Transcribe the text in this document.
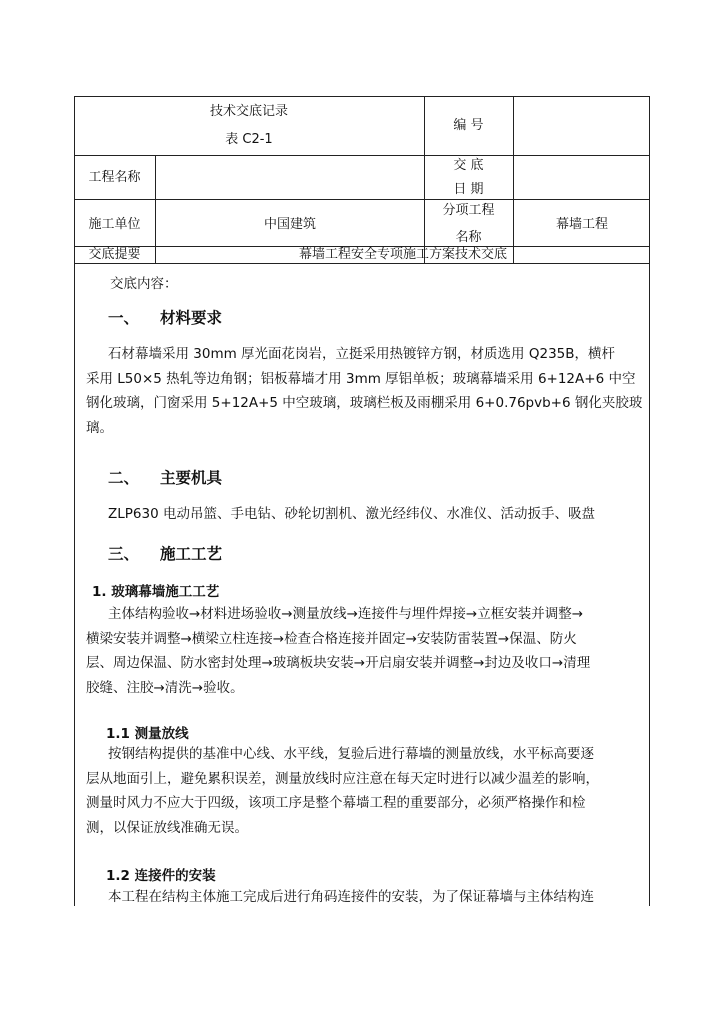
技术交底记录
表 C2-1
编 号
工程名称
交 底
日 期
施工单位	中国建筑
分项工程
名称
幕墙工程
交底提要	幕墙工程安全专项施工方案技术交底
交底内容：
一、 材料要求

石材幕墙采用 30mm 厚光面花岗岩，立挺采用热镀锌方钢，材质选用 Q235B，横杆

采用 L50×5 热轧等边角钢；铝板幕墙才用 3mm 厚铝单板；玻璃幕墙采用 6+12A+6 中空

钢化玻璃，门窗采用 5+12A+5 中空玻璃，玻璃栏板及雨棚采用 6+0.76pvb+6 钢化夹胶玻

璃。

二、 主要机具

ZLP630 电动吊篮、手电钻、砂轮切割机、激光经纬仪、水准仪、活动扳手、吸盘

三、 施工工艺
1. 玻璃幕墙施工工艺

主体结构验收→材料进场验收→测量放线→连接件与埋件焊接→立框安装并调整→

横梁安装并调整→横梁立柱连接→检查合格连接并固定→安装防雷装置→保温、防火

层、周边保温、防水密封处理→玻璃板块安装→开启扇安装并调整→封边及收口→清理

胶缝、注胶→清洗→验收。

1.1 测量放线

按钢结构提供的基准中心线、水平线，复验后进行幕墙的测量放线，水平标高要逐

层从地面引上，避免累积误差，测量放线时应注意在每天定时进行以减少温差的影响，

测量时风力不应大于四级，该项工序是整个幕墙工程的重要部分，必须严格操作和检

测，以保证放线准确无误。

1.2 连接件的安装

本工程在结构主体施工完成后进行角码连接件的安装，为了保证幕墙与主体结构连
